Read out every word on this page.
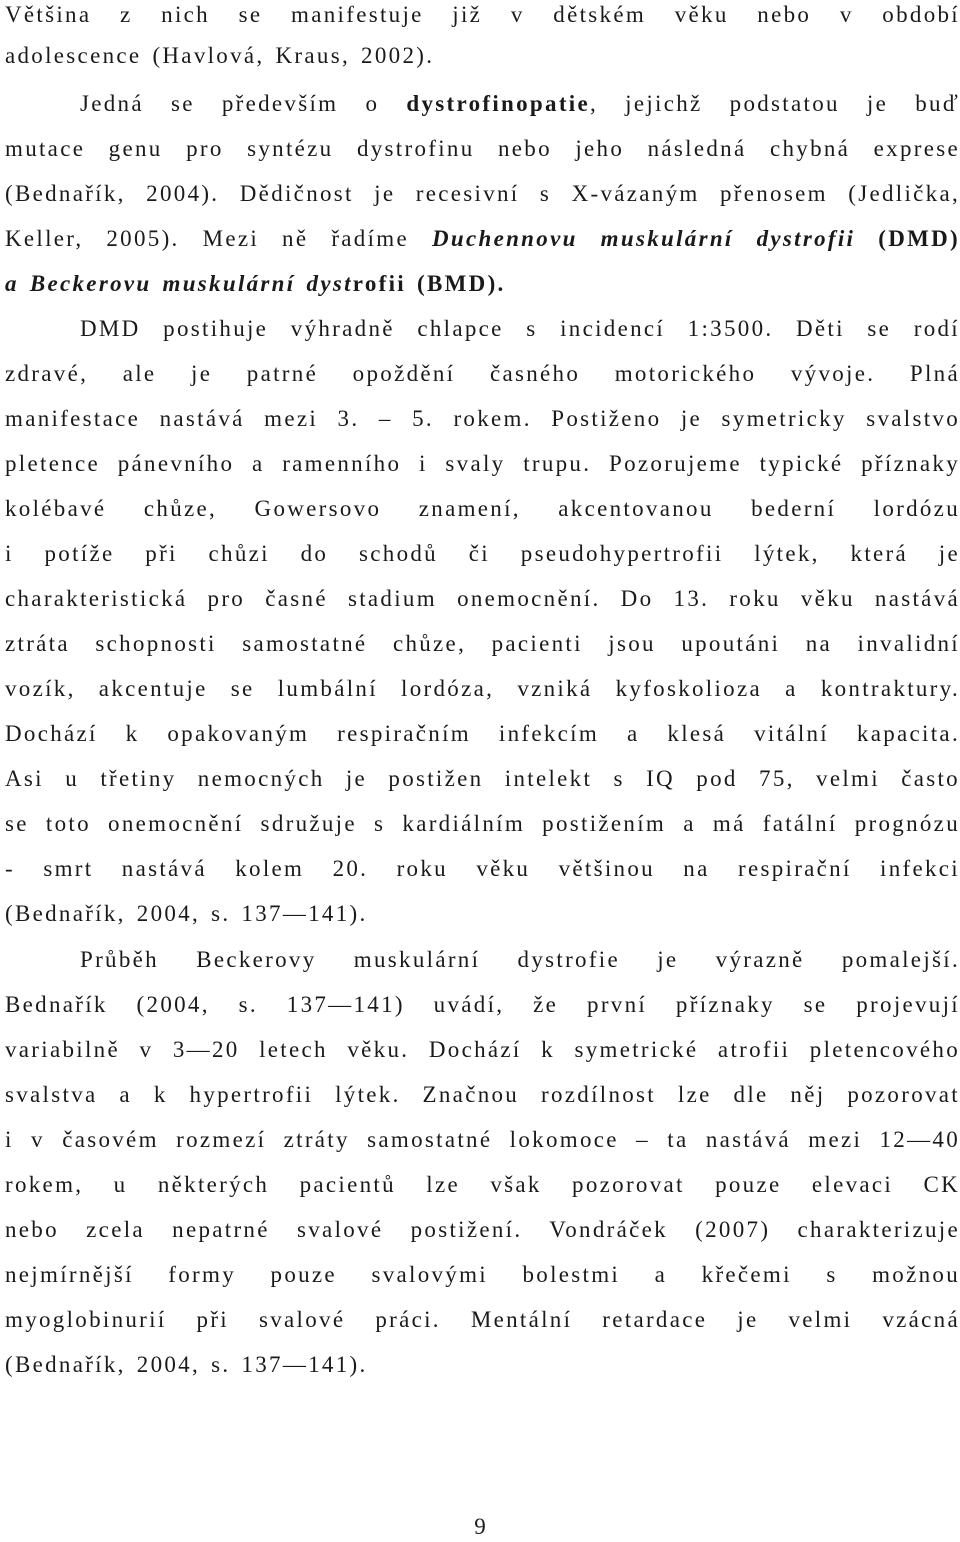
Většina z nich se manifestuje již v dětském věku nebo v období
adolescence (Havlová, Kraus, 2002).
Jedná se především o dystrofinopatie, jejichž podstatou je buď
mutace genu pro syntézu dystrofinu nebo jeho následná chybná exprese
(Bednařík, 2004). Dědičnost je recesivní s X-vázaným přenosem (Jedlička,
Keller, 2005). Mezi ně řadíme Duchennovu muskulární dystrofii (DMD)
a Beckerovu muskulární dystrofii (BMD).
DMD postihuje výhradně chlapce s incidencí 1:3500. Děti se rodí
zdravé, ale je patrné opoždění časného motorického vývoje. Plná
manifestace nastává mezi 3. – 5. rokem. Postiženo je symetricky svalstvo
pletence pánevního a ramenního i svaly trupu. Pozorujeme typické příznaky
kolébavé chůze, Gowersovo znamení, akcentovanou bederní lordózu
i potíže při chůzi do schodů či pseudohypertrofii lýtek, která je
charakteristická pro časné stadium onemocnění. Do 13. roku věku nastává
ztráta schopnosti samostatné chůze, pacienti jsou upoutáni na invalidní
vozík, akcentuje se lumbální lordóza, vzniká kyfoskolioza a kontraktury.
Dochází k opakovaným respiračním infekcím a klesá vitální kapacita.
Asi u třetiny nemocných je postižen intelekt s IQ pod 75, velmi často
se toto onemocnění sdružuje s kardiálním postižením a má fatální prognózu
- smrt nastává kolem 20. roku věku většinou na respirační infekci
(Bednařík, 2004, s. 137—141).
Průběh Beckerovy muskulární dystrofie je výrazně pomalejší.
Bednařík (2004, s. 137—141) uvádí, že první příznaky se projevují
variabilně v 3—20 letech věku. Dochází k symetrické atrofii pletencového
svalstva a k hypertrofii lýtek. Značnou rozdílnost lze dle něj pozorovat
i v časovém rozmezí ztráty samostatné lokomoce – ta nastává mezi 12—40
rokem, u některých pacientů lze však pozorovat pouze elevaci CK
nebo zcela nepatrné svalové postižení. Vondráček (2007) charakterizuje
nejmírnější formy pouze svalovými bolestmi a křečemi s možnou
myoglobinurií při svalové práci. Mentální retardace je velmi vzácná
(Bednařík, 2004, s. 137—141).
9
